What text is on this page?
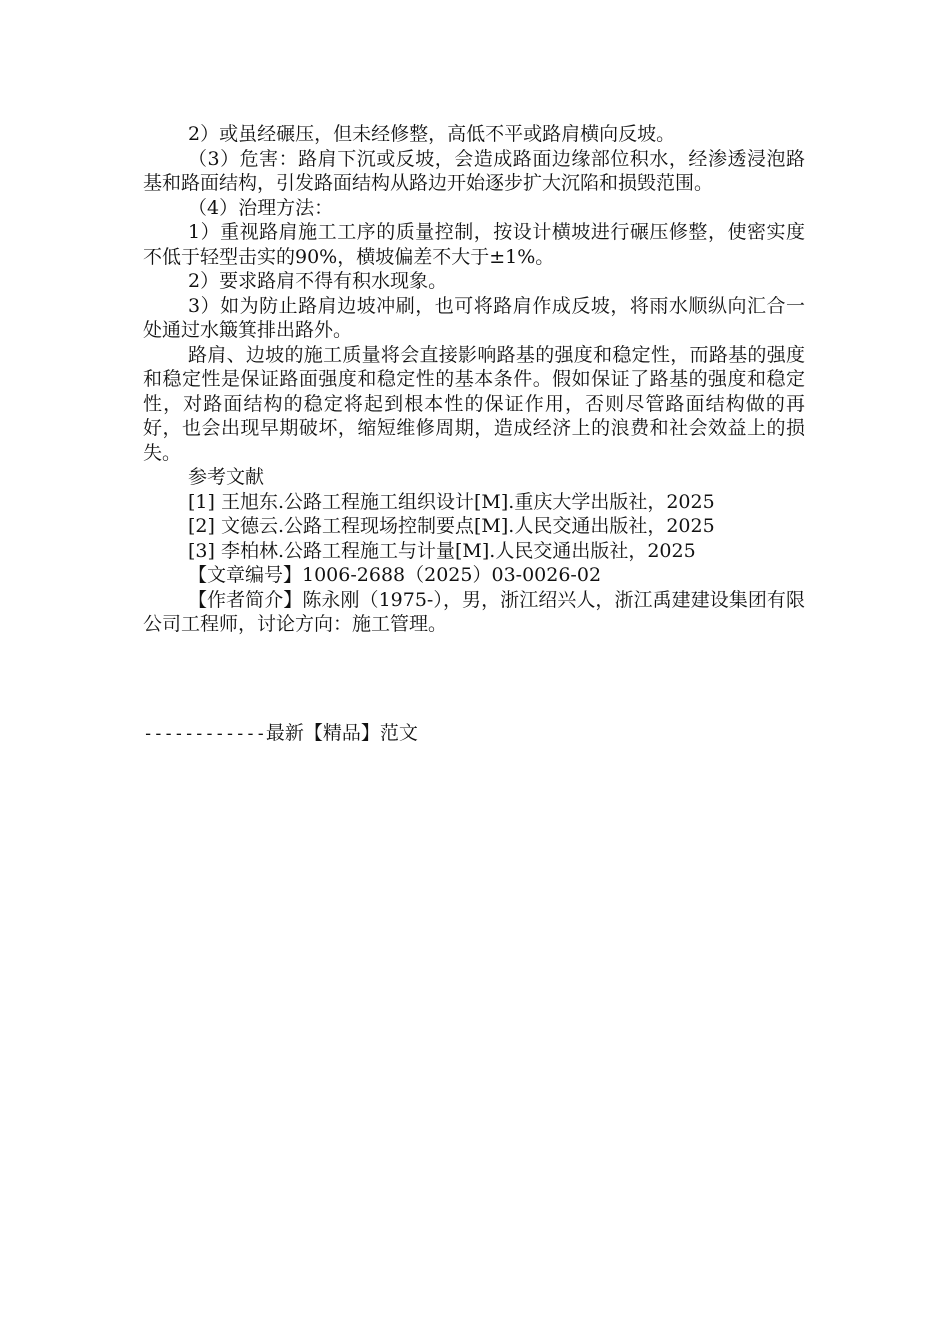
2）或虽经碾压，但未经修整，高低不平或路肩横向反坡。

（3）危害：路肩下沉或反坡，会造成路面边缘部位积水，经渗透浸泡路基和路面结构，引发路面结构从路边开始逐步扩大沉陷和损毁范围。

（4）治理方法：

1）重视路肩施工工序的质量控制，按设计横坡进行碾压修整，使密实度不低于轻型击实的90%，横坡偏差不大于±1%。

2）要求路肩不得有积水现象。

3）如为防止路肩边坡冲刷，也可将路肩作成反坡，将雨水顺纵向汇合一处通过水簸箕排出路外。

路肩、边坡的施工质量将会直接影响路基的强度和稳定性，而路基的强度和稳定性是保证路面强度和稳定性的基本条件。假如保证了路基的强度和稳定性，对路面结构的稳定将起到根本性的保证作用，否则尽管路面结构做的再好，也会出现早期破坏，缩短维修周期，造成经济上的浪费和社会效益上的损失。

参考文献

[1] 王旭东.公路工程施工组织设计[M].重庆大学出版社，2025

[2] 文德云.公路工程现场控制要点[M].人民交通出版社，2025

[3] 李柏林.公路工程施工与计量[M].人民交通出版社，2025

【文章编号】1006-2688（2025）03-0026-02

【作者简介】陈永刚（1975-），男，浙江绍兴人，浙江禹建建设集团有限公司工程师，讨论方向：施工管理。

------------最新【精品】范文
